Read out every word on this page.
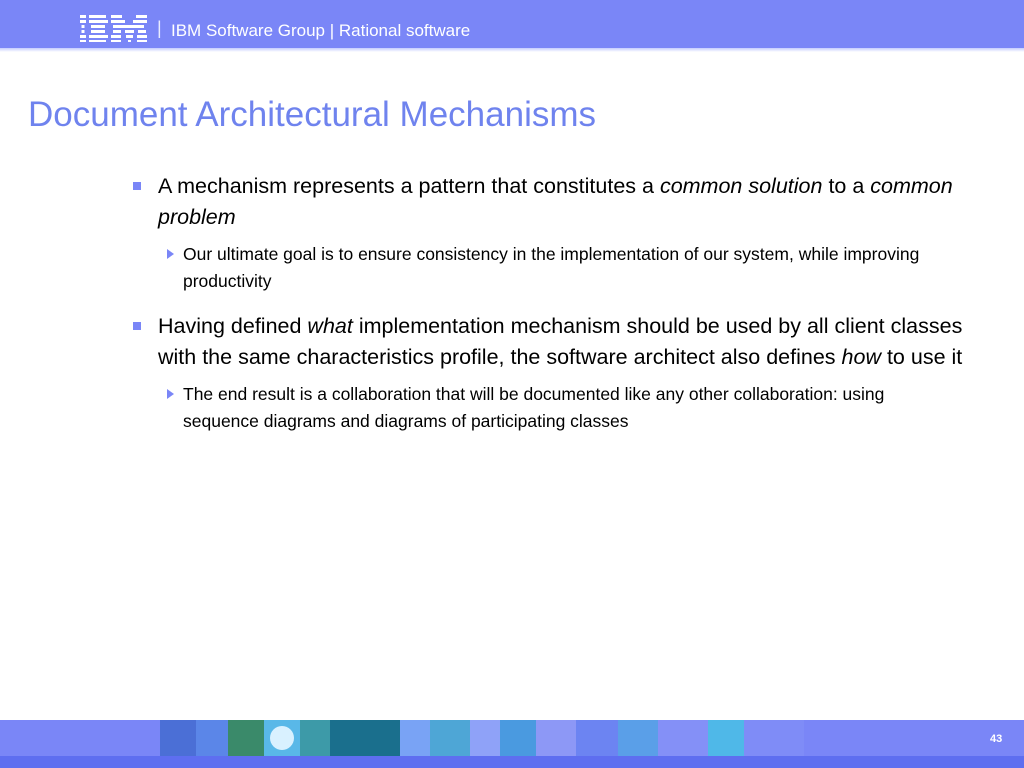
| IBM Software Group | Rational software
Document Architectural Mechanisms
A mechanism represents a pattern that constitutes a common solution to a common problem
Our ultimate goal is to ensure consistency in the implementation of our system, while improving productivity
Having defined what implementation mechanism should be used by all client classes with the same characteristics profile, the software architect also defines how to use it
The end result is a collaboration that will be documented like any other collaboration: using sequence diagrams and diagrams of participating classes
43
